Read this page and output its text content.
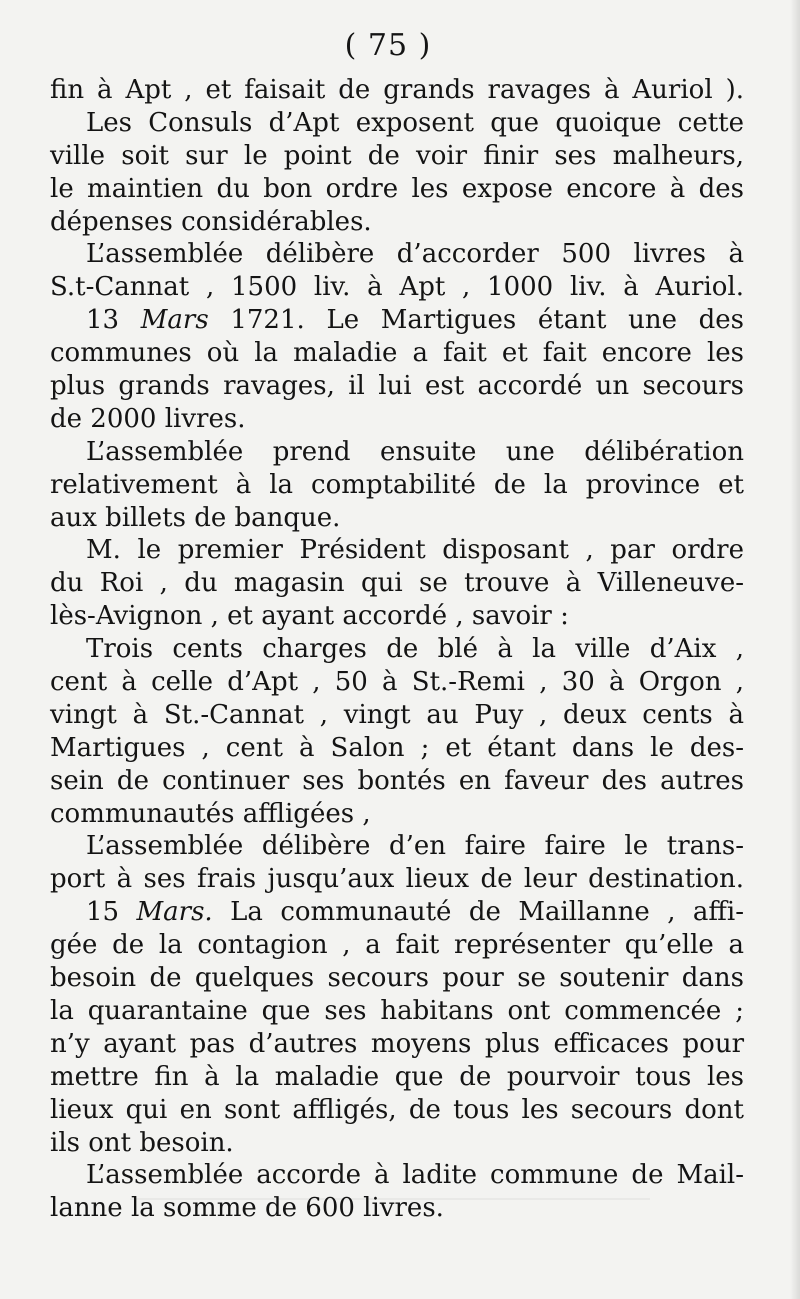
( 75 )
fin à Apt , et faisait de grands ravages à Auriol ).
Les Consuls d’Apt exposent que quoique cette
ville soit sur le point de voir finir ses malheurs,
le maintien du bon ordre les expose encore à des
dépenses considérables.
L’assemblée délibère d’accorder 500 livres à
S.t-Cannat , 1500 liv. à Apt , 1000 liv. à Auriol.
13 Mars 1721. Le Martigues étant une des
communes où la maladie a fait et fait encore les
plus grands ravages, il lui est accordé un secours
de 2000 livres.
L’assemblée prend ensuite une délibération
relativement à la comptabilité de la province et
aux billets de banque.
M. le premier Président disposant , par ordre
du Roi , du magasin qui se trouve à Villeneuve-
lès-Avignon , et ayant accordé , savoir :
Trois cents charges de blé à la ville d’Aix ,
cent à celle d’Apt , 50 à St.-Remi , 30 à Orgon ,
vingt à St.-Cannat , vingt au Puy , deux cents à
Martigues , cent à Salon ; et étant dans le des-
sein de continuer ses bontés en faveur des autres
communautés affligées ,
L’assemblée délibère d’en faire faire le trans-
port à ses frais jusqu’aux lieux de leur destination.
15 Mars. La communauté de Maillanne , affi-
gée de la contagion , a fait représenter qu’elle a
besoin de quelques secours pour se soutenir dans
la quarantaine que ses habitans ont commencée ;
n’y ayant pas d’autres moyens plus efficaces pour
mettre fin à la maladie que de pourvoir tous les
lieux qui en sont affligés, de tous les secours dont
ils ont besoin.
L’assemblée accorde à ladite commune de Mail-
lanne la somme de 600 livres.
